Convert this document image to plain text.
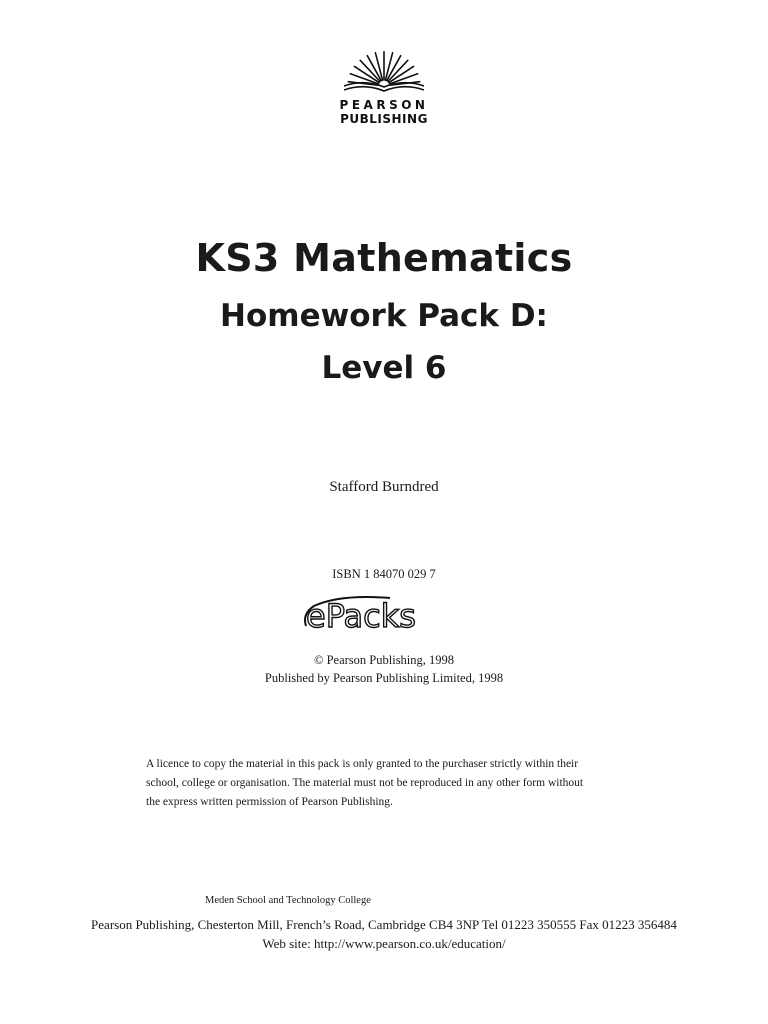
PEARSON
PUBLISHING
KS3 Mathematics
Homework Pack D:
Level 6
Stafford Burndred
ISBN 1 84070 029 7
ePacks
© Pearson Publishing, 1998
Published by Pearson Publishing Limited, 1998
A licence to copy the material in this pack is only granted to the purchaser strictly within their
school, college or organisation. The material must not be reproduced in any other form without
the express written permission of Pearson Publishing.
Meden School and Technology College
Pearson Publishing, Chesterton Mill, French’s Road, Cambridge CB4 3NP Tel 01223 350555 Fax 01223 356484
Web site: http://www.pearson.co.uk/education/
